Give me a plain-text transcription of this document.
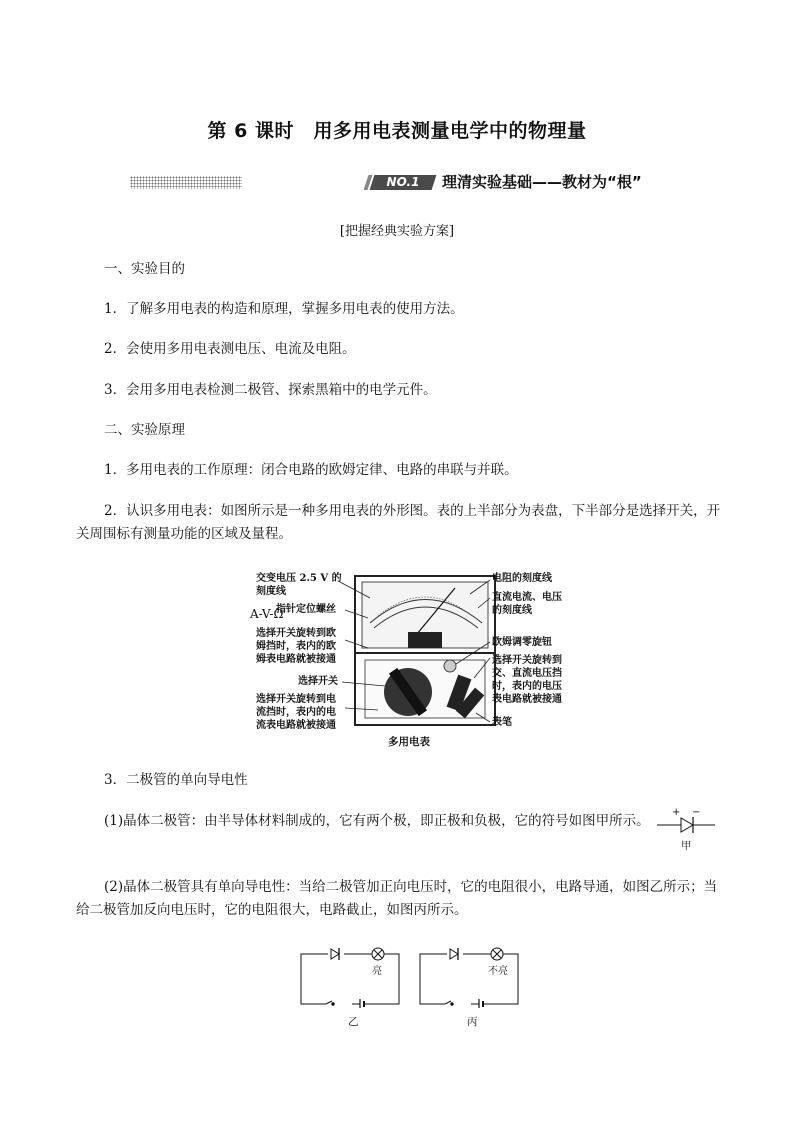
第 6 课时　用多用电表测量电学中的物理量
NO.1	理清实验基础——教材为“根”
[把握经典实验方案]
一、实验目的
1．了解多用电表的构造和原理，掌握多用电表的使用方法。
2．会使用多用电表测电压、电流及电阻。
3．会用多用电表检测二极管、探索黑箱中的电学元件。
二、实验原理
1．多用电表的工作原理：闭合电路的欧姆定律、电路的串联与并联。
2．认识多用电表：如图所示是一种多用电表的外形图。表的上半部分为表盘，下半部分是选择开关，开关周围标有测量功能的区域及量程。
A-V-Ω
交变电压 2.5 V 的
刻度线
指针定位螺丝
选择开关旋转到欧
姆挡时，表内的欧
姆表电路就被接通
选择开关
选择开关旋转到电
流挡时，表内的电
流表电路就被接通
电阻的刻度线
直流电流、电压
的刻度线
欧姆调零旋钮
选择开关旋转到
交、直流电压挡
时，表内的电压
表电路就被接通
表笔
多用电表
3．二极管的单向导电性
(1)晶体二极管：由半导体材料制成的，它有两个极，即正极和负极，它的符号如图甲所示。
+ −
甲
(2)晶体二极管具有单向导电性：当给二极管加正向电压时，它的电阻很小，电路导通，如图乙所示；当给二极管加反向电压时，它的电阻很大，电路截止，如图丙所示。
亮	不亮
乙	丙
